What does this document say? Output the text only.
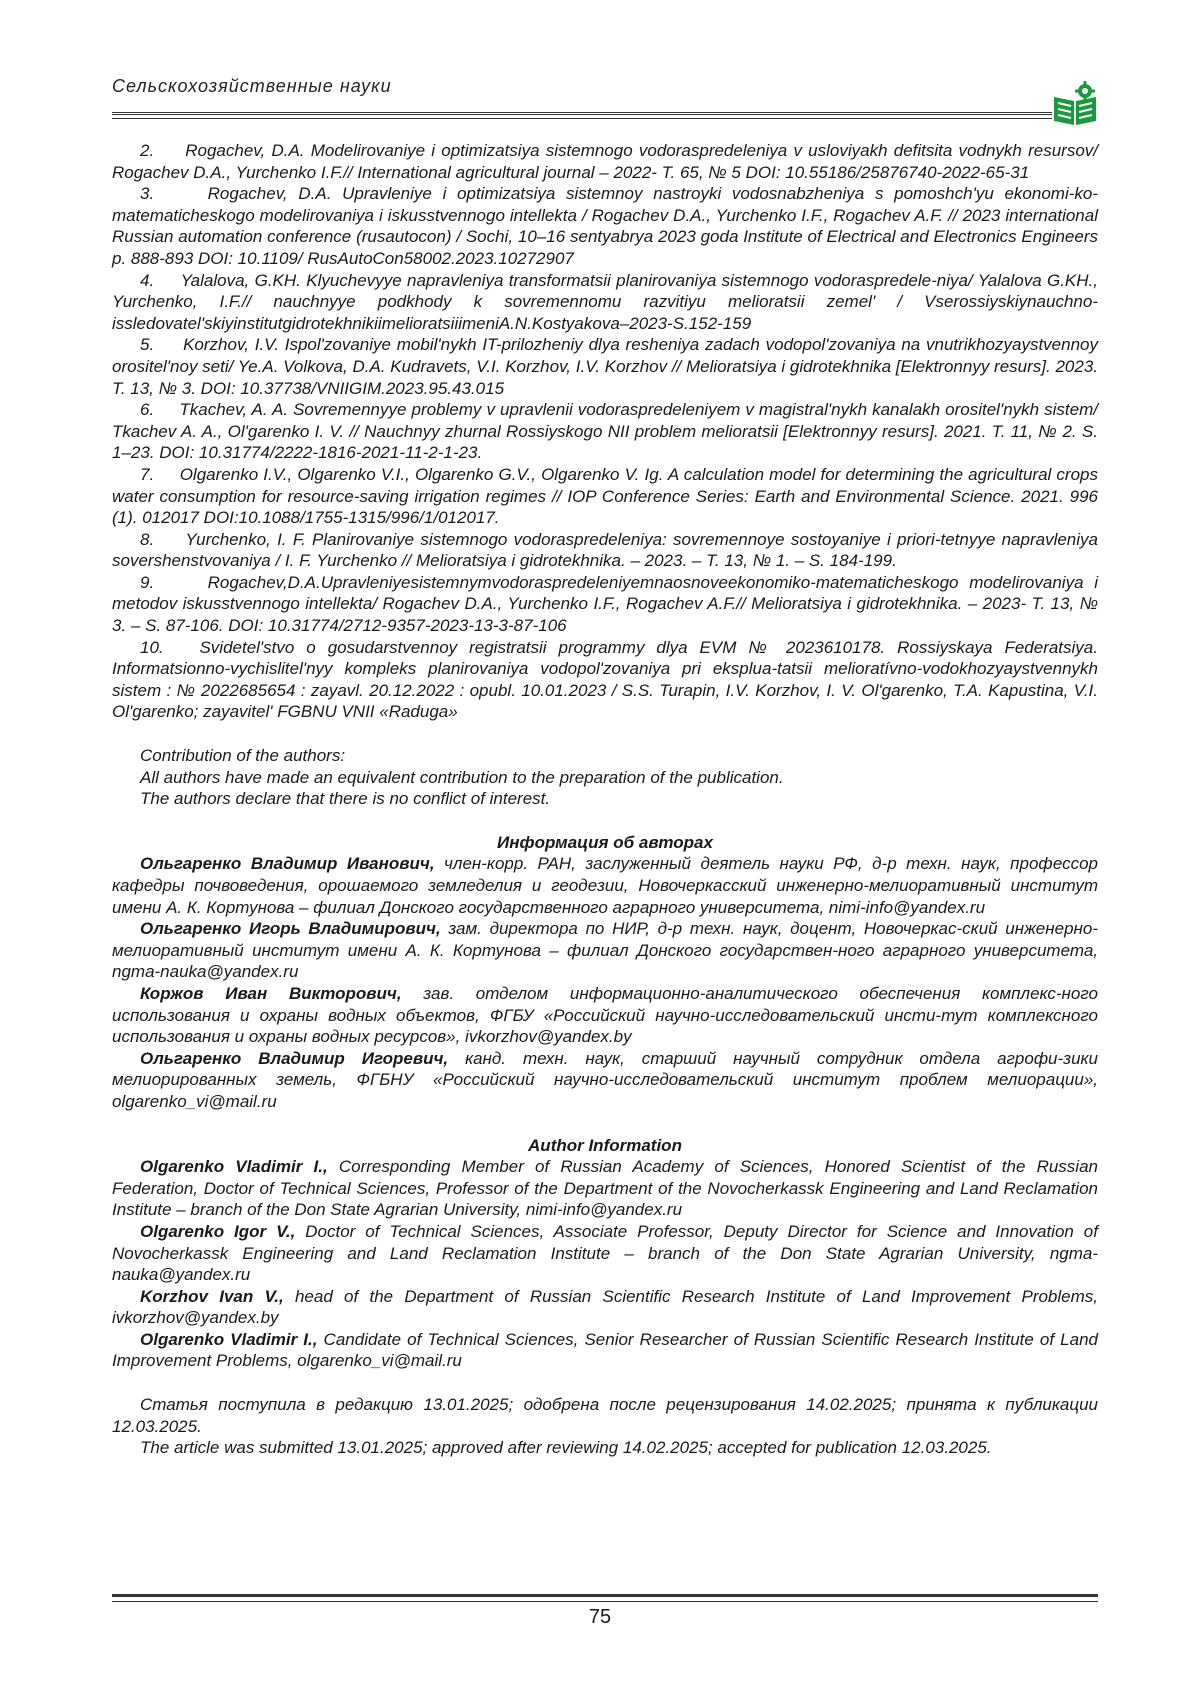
Сельскохозяйственные науки

2.     Rogachev, D.A. Modelirovaniye i optimizatsiya sistemnogo vodoraspredeleniya v usloviyakh defitsita vodnykh resursov/ Rogachev D.A., Yurchenko I.F.// International agricultural journal – 2022- T. 65, № 5 DOI: 10.55186/25876740-2022-65-31

3.     Rogachev, D.A. Upravleniye i optimizatsiya sistemnoy nastroyki vodosnabzheniya s pomoshch'yu ekonomi-ko-matematicheskogo modelirovaniya i iskusstvennogo intellekta / Rogachev D.A., Yurchenko I.F., Rogachev A.F. // 2023 international Russian automation conference (rusautocon) / Sochi, 10–16 sentyabrya 2023 goda Institute of Electrical and Electronics Engineers p. 888-893 DOI: 10.1109/ RusAutoCon58002.2023.10272907

4.     Yalalova, G.KH. Klyuchevyye napravleniya transformatsii planirovaniya sistemnogo vodoraspredele-niya/ Yalalova G.KH., Yurchenko, I.F.// nauchnyye podkhody k sovremennomu razvitiyu melioratsii zemel' / Vserossiyskiynauchno-issledovatel'skiyinstitutgidrotekhnikiimelioratsiiimeniA.N.Kostyakova–2023-S.152-159

5.     Korzhov, I.V. Ispol'zovaniye mobil'nykh IT-prilozheniy dlya resheniya zadach vodopol'zovaniya na vnutrikhozyaystvennoy orositel'noy seti/ Ye.A. Volkova, D.A. Kudravets, V.I. Korzhov, I.V. Korzhov // Melioratsiya i gidrotekhnika [Elektronnyy resurs]. 2023. T. 13, № 3. DOI: 10.37738/VNIIGIM.2023.95.43.015

6.     Tkachev, A. A. Sovremennyye problemy v upravlenii vodoraspredeleniyem v magistral'nykh kanalakh orositel'nykh sistem/ Tkachev A. A., Ol'garenko I. V. // Nauchnyy zhurnal Rossiyskogo NII problem melioratsii [Elektronnyy resurs]. 2021. T. 11, № 2. S. 1–23. DOI: 10.31774/2222-1816-2021-11-2-1-23.

7.     Olgarenko I.V., Olgarenko V.I., Olgarenko G.V., Olgarenko V. Ig. A calculation model for determining the agricultural crops water consumption for resource-saving irrigation regimes // IOP Conference Series: Earth and Environmental Science. 2021. 996 (1). 012017 DOI:10.1088/1755-1315/996/1/012017.

8.     Yurchenko, I. F. Planirovaniye sistemnogo vodoraspredeleniya: sovremennoye sostoyaniye i priori-tetnyye napravleniya sovershenstvovaniya / I. F. Yurchenko // Melioratsiya i gidrotekhnika. – 2023. – T. 13, № 1. – S. 184-199.

9.     Rogachev,D.A.Upravleniyesistemnymvodoraspredeleniyemnaosnoveekonomiko-matematicheskogo modelirovaniya i metodov iskusstvennogo intellekta/ Rogachev D.A., Yurchenko I.F., Rogachev A.F.// Melioratsiya i gidrotekhnika. – 2023- T. 13, № 3. – S. 87-106. DOI: 10.31774/2712-9357-2023-13-3-87-106

10.   Svidetel'stvo o gosudarstvennoy registratsii programmy dlya EVM № 2023610178. Rossiyskaya Federatsiya. Informatsionno-vychislitel'nyy kompleks planirovaniya vodopol'zovaniya pri eksplua-tatsii melioratívno-vodokhozyaystvennykh sistem : № 2022685654 : zayavl. 20.12.2022 : opubl. 10.01.2023 / S.S. Turapin, I.V. Korzhov, I. V. Ol'garenko, T.A. Kapustina, V.I. Ol'garenko; zayavitel' FGBNU VNII «Raduga»

Contribution of the authors:

All authors have made an equivalent contribution to the preparation of the publication.

The authors declare that there is no conflict of interest.

Информация об авторах

Ольгаренко Владимир Иванович, член-корр. РАН, заслуженный деятель науки РФ, д-р техн. наук, профессор кафедры почвоведения, орошаемого земледелия и геодезии, Новочеркасский инженерно-мелиоративный институт имени А. К. Кортунова – филиал Донского государственного аграрного университета, nimi-info@yandex.ru

Ольгаренко Игорь Владимирович, зам. директора по НИР, д-р техн. наук, доцент, Новочеркас-ский инженерно-мелиоративный институт имени А. К. Кортунова – филиал Донского государствен-ного аграрного университета, ngma-nauka@yandex.ru

Коржов Иван Викторович, зав. отделом информационно-аналитического обеспечения комплекс-ного использования и охраны водных объектов, ФГБУ «Российский научно-исследовательский инсти-тут комплексного использования и охраны водных ресурсов», ivkorzhov@yandex.by

Ольгаренко Владимир Игоревич, канд. техн. наук, старший научный сотрудник отдела агрофи-зики мелиорированных земель, ФГБНУ «Российский научно-исследовательский институт проблем мелиорации», olgarenko_vi@mail.ru

Author Information

Olgarenko Vladimir I., Corresponding Member of Russian Academy of Sciences, Honored Scientist of the Russian Federation, Doctor of Technical Sciences, Professor of the Department of the Novocherkassk Engineering and Land Reclamation Institute – branch of the Don State Agrarian University, nimi-info@yandex.ru

Olgarenko Igor V., Doctor of Technical Sciences, Associate Professor, Deputy Director for Science and Innovation of Novocherkassk Engineering and Land Reclamation Institute – branch of the Don State Agrarian University, ngma-nauka@yandex.ru

Korzhov Ivan V., head of the Department of Russian Scientific Research Institute of Land Improvement Problems, ivkorzhov@yandex.by

Olgarenko Vladimir I., Candidate of Technical Sciences, Senior Researcher of Russian Scientific Research Institute of Land Improvement Problems, olgarenko_vi@mail.ru

Статья поступила в редакцию 13.01.2025; одобрена после рецензирования 14.02.2025; принята к публикации 12.03.2025.

The article was submitted 13.01.2025; approved after reviewing 14.02.2025; accepted for publication 12.03.2025.

75
